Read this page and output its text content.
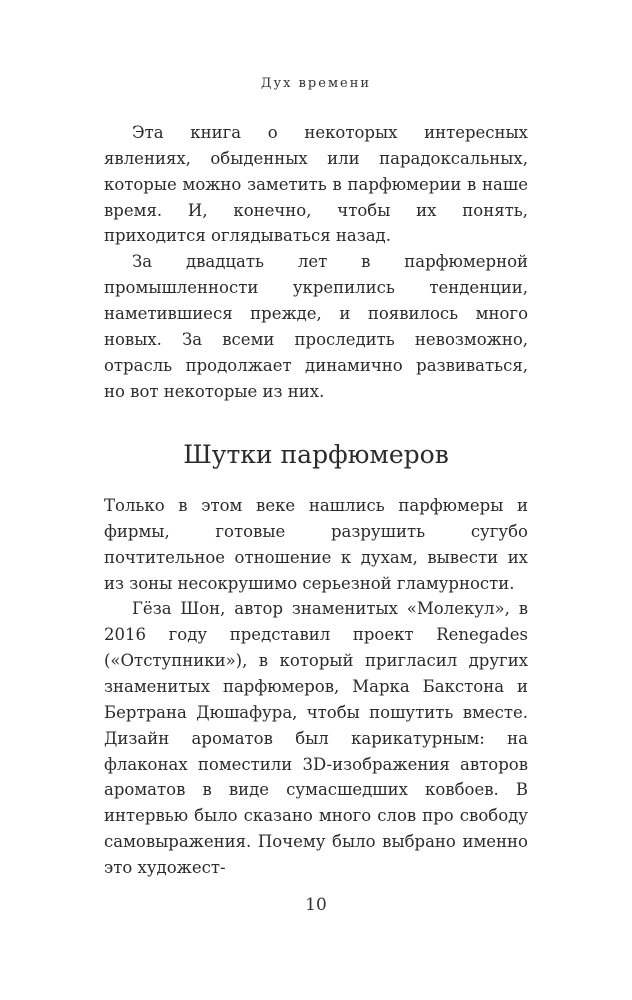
Дух времени

Эта книга о некоторых интересных явлениях, обыденных или парадоксальных, которые можно заметить в парфюмерии в наше время. И, конечно, чтобы их понять, приходится оглядываться назад.

За двадцать лет в парфюмерной промышленности укрепились тенденции, наметившиеся прежде, и появилось много новых. За всеми проследить невозможно, отрасль продолжает динамично развиваться, но вот некоторые из них.

Шутки парфюмеров

Только в этом веке нашлись парфюмеры и фирмы, готовые разрушить сугубо почтительное отношение к духам, вывести их из зоны несокрушимо серьезной гламурности.

Гёза Шон, автор знаменитых «Молекул», в 2016 году представил проект Renegades («Отступники»), в который пригласил других знаменитых парфюмеров, Марка Бакстона и Бертрана Дюшафура, чтобы пошутить вместе. Дизайн ароматов был карикатурным: на флаконах поместили 3D-изображения авторов ароматов в виде сумасшедших ковбоев. В интервью было сказано много слов про свободу самовыражения. Почему было выбрано именно это художест-

10
